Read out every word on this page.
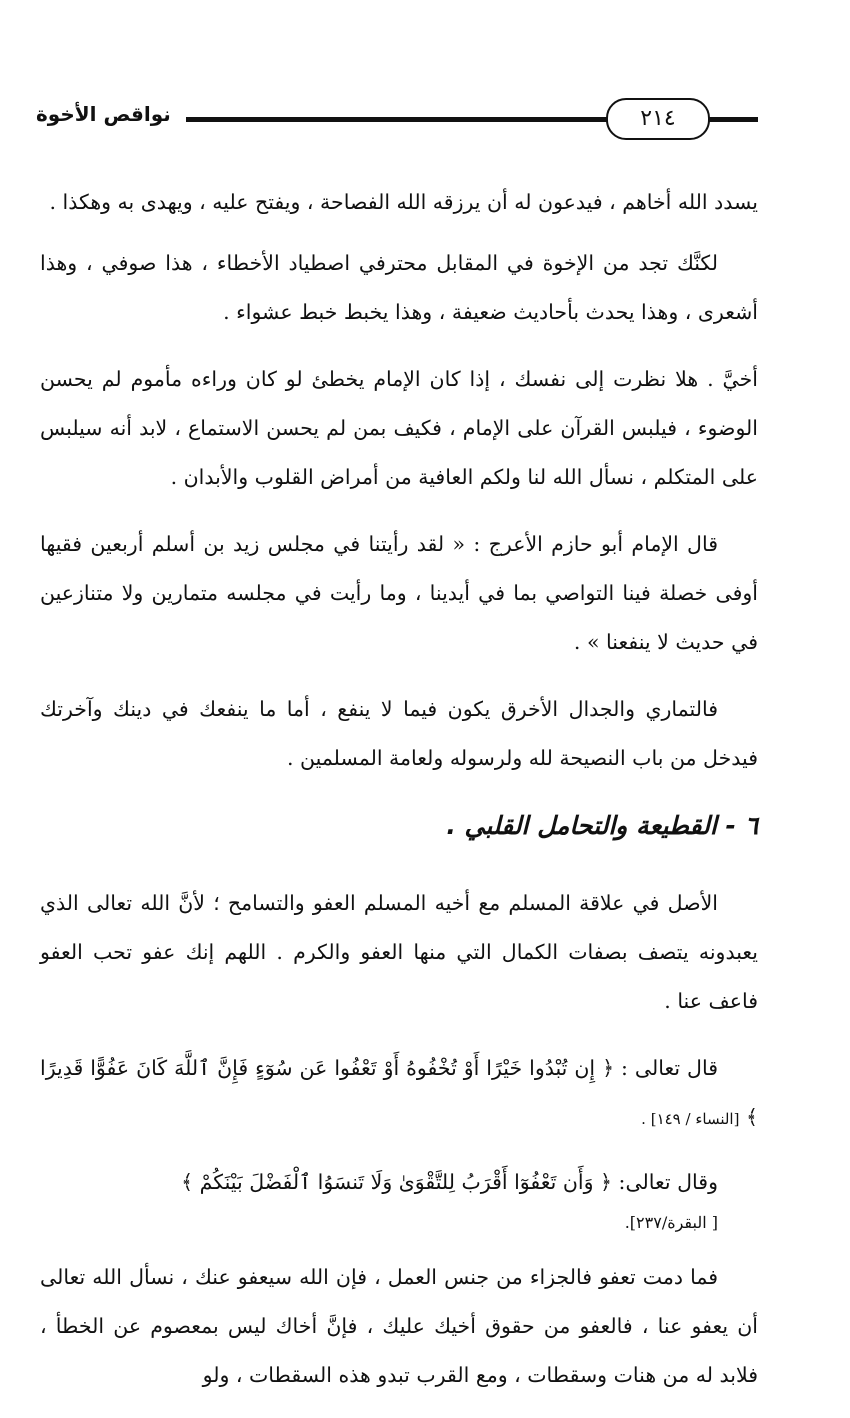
نواقص الأخوة	٢١٤

يسدد الله أخاهم ، فيدعون له أن يرزقه الله الفصاحة ، ويفتح عليه ، ويهدى به وهكذا .

لكنَّك تجد من الإخوة في المقابل محترفي اصطياد الأخطاء ، هذا صوفي ، وهذا أشعرى ، وهذا يحدث بأحاديث ضعيفة ، وهذا يخبط خبط عشواء .

أخيَّ . هلا نظرت إلى نفسك ، إذا كان الإمام يخطئ لو كان وراءه مأموم لم يحسن الوضوء ، فيلبس القرآن على الإمام ، فكيف بمن لم يحسن الاستماع ، لابد أنه سيلبس على المتكلم ، نسأل الله لنا ولكم العافية من أمراض القلوب والأبدان .

قال الإمام أبو حازم الأعرج : « لقد رأيتنا في مجلس زيد بن أسلم أربعين فقيها أوفى خصلة فينا التواصي بما في أيدينا ، وما رأيت في مجلسه متمارين ولا متنازعين في حديث لا ينفعنا » .

فالتماري والجدال الأخرق يكون فيما لا ينفع ، أما ما ينفعك في دينك وآخرتك فيدخل من باب النصيحة لله ولرسوله ولعامة المسلمين .

٦ - القطيعة والتحامل القلبي .

الأصل في علاقة المسلم مع أخيه المسلم العفو والتسامح ؛ لأنَّ الله تعالى الذي يعبدونه يتصف بصفات الكمال التي منها العفو والكرم . اللهم إنك عفو تحب العفو فاعف عنا .

قال تعالى : ﴿ إِن تُبْدُوا خَيْرًا أَوْ تُخْفُوهُ أَوْ تَعْفُوا عَن سُوٓءٍ فَإِنَّ ٱللَّهَ كَانَ عَفُوًّا قَدِيرًا ﴾ [النساء / ١٤٩] .

وقال تعالى: ﴿ وَأَن تَعْفُوٓا أَقْرَبُ لِلتَّقْوَىٰ وَلَا تَنسَوُا ٱلْفَضْلَ بَيْنَكُمْ ﴾
[ البقرة/٢٣٧].

فما دمت تعفو فالجزاء من جنس العمل ، فإن الله سيعفو عنك ، نسأل الله تعالى أن يعفو عنا ، فالعفو من حقوق أخيك عليك ، فإنَّ أخاك ليس بمعصوم عن الخطأ ، فلابد له من هنات وسقطات ، ومع القرب تبدو هذه السقطات ، ولو
